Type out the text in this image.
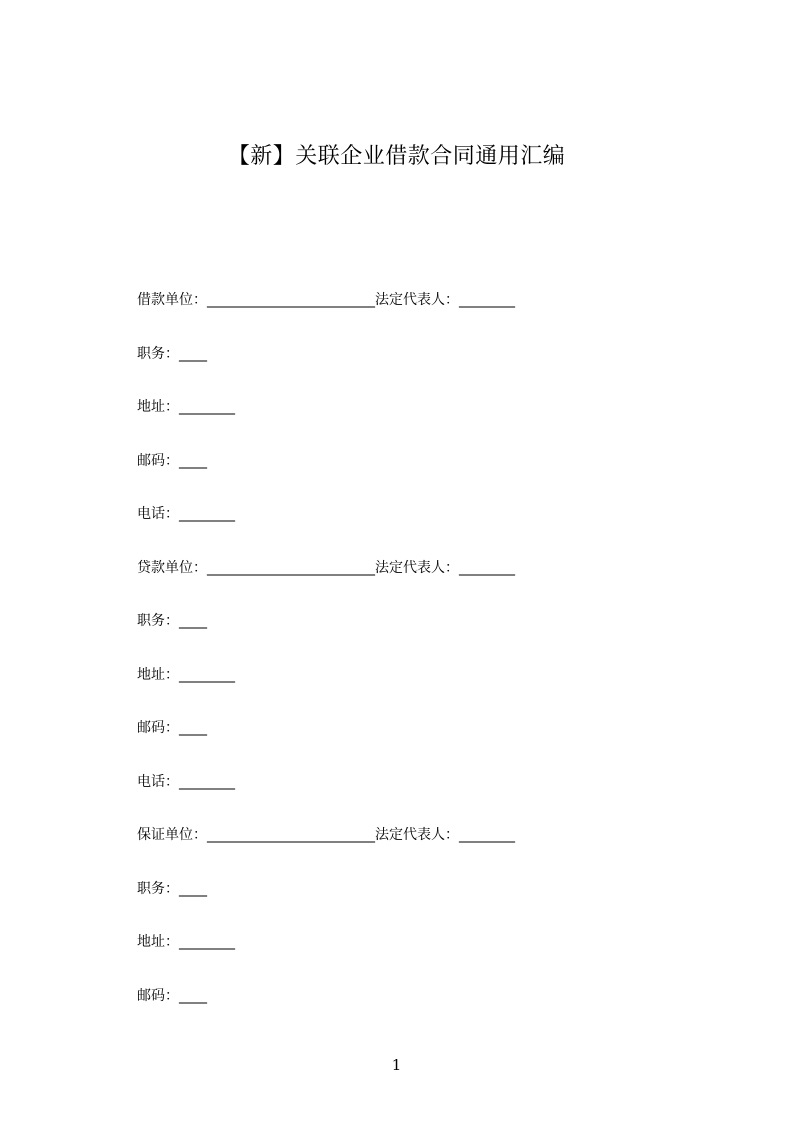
【新】关联企业借款合同通用汇编
借款单位：________________________法定代表人：________
职务：____
地址：________
邮码：____
电话：________
贷款单位：________________________法定代表人：________
职务：____
地址：________
邮码：____
电话：________
保证单位：________________________法定代表人：________
职务：____
地址：________
邮码：____
1
